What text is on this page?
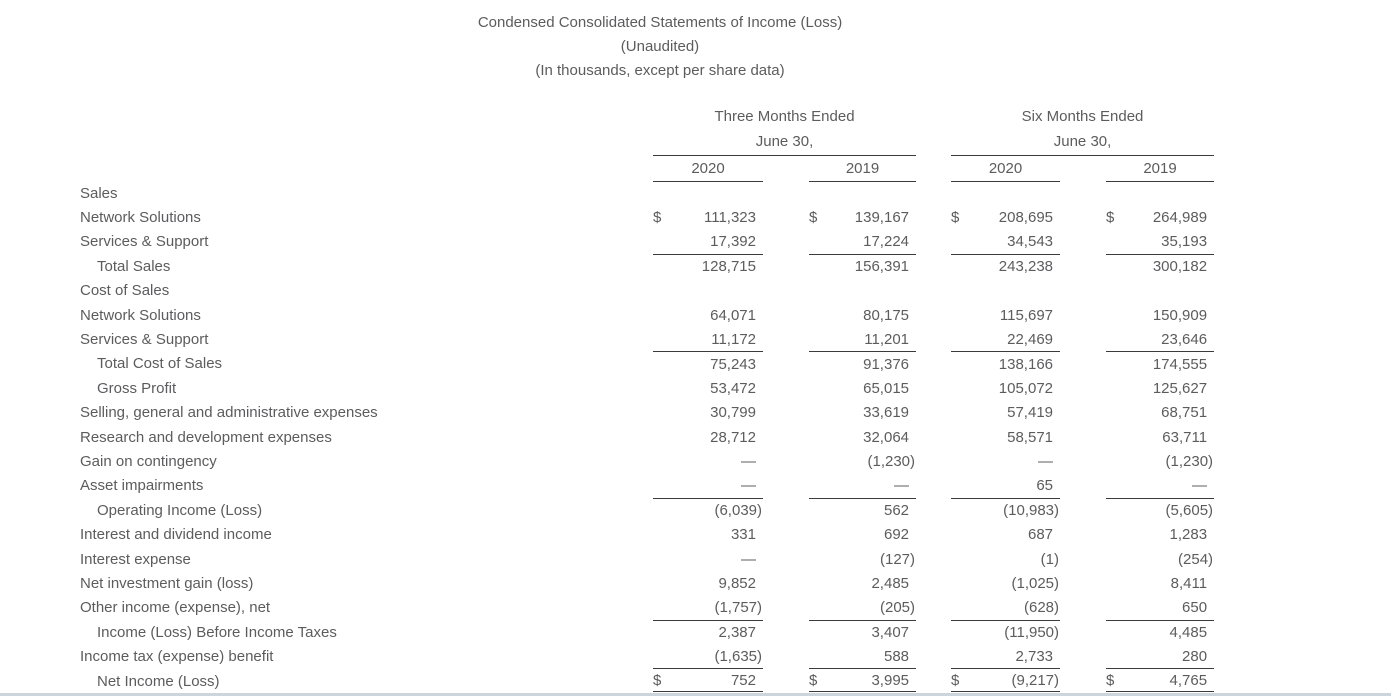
Condensed Consolidated Statements of Income (Loss)
(Unaudited)
(In thousands, except per share data)
	Three Months Ended						Six Months Ended				
	June 30,						June 30,				
	2020			2019			2020			2019	
Sales											
Network Solutions	$	111,323		$	139,167		$	208,695		$	264,989
Services & Support		17,392			17,224			34,543			35,193
Total Sales		128,715			156,391			243,238			300,182
Cost of Sales											
Network Solutions		64,071			80,175			115,697			150,909
Services & Support		11,172			11,201			22,469			23,646
Total Cost of Sales		75,243			91,376			138,166			174,555
Gross Profit		53,472			65,015			105,072			125,627
Selling, general and administrative expenses		30,799			33,619			57,419			68,751
Research and development expenses		28,712			32,064			58,571			63,711
Gain on contingency		—			(1,230)			—			(1,230)
Asset impairments		—			—			65			—
Operating Income (Loss)		(6,039)			562			(10,983)			(5,605)
Interest and dividend income		331			692			687			1,283
Interest expense		—			(127)			(1)			(254)
Net investment gain (loss)		9,852			2,485			(1,025)			8,411
Other income (expense), net		(1,757)			(205)			(628)			650
Income (Loss) Before Income Taxes		2,387			3,407			(11,950)			4,485
Income tax (expense) benefit		(1,635)			588			2,733			280
Net Income (Loss)	$	752		$	3,995		$	(9,217)		$	4,765
